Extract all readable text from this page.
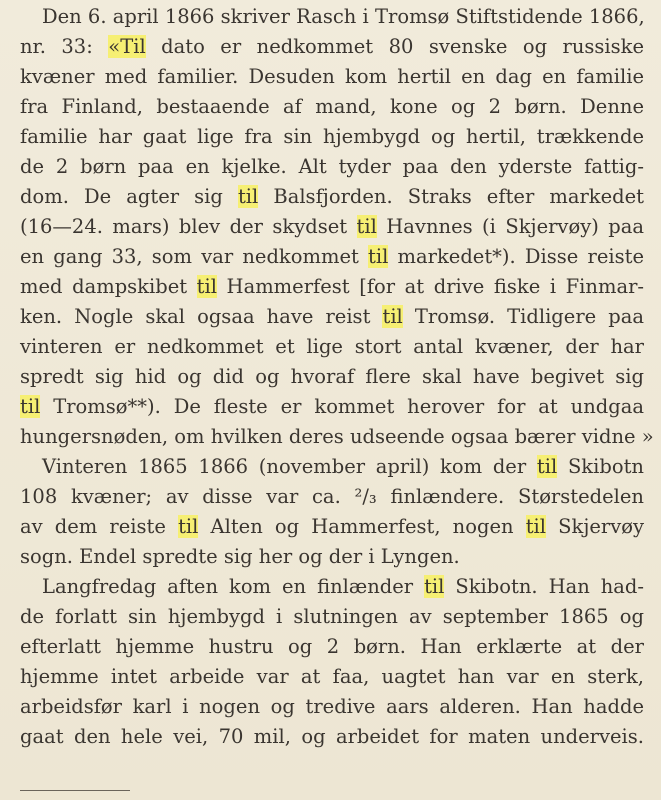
Den 6. april 1866 skriver Rasch i Tromsø Stiftstidende 1866,
nr. 33: «Til dato er nedkommet 80 svenske og russiske
kvæner med familier. Desuden kom hertil en dag en familie
fra Finland, bestaaende af mand, kone og 2 børn. Denne
familie har gaat lige fra sin hjembygd og hertil, trækkende
de 2 børn paa en kjelke. Alt tyder paa den yderste fattig-
dom. De agter sig til Balsfjorden. Straks efter markedet
(16—24. mars) blev der skydset til Havnnes (i Skjervøy) paa
en gang 33, som var nedkommet til markedet*). Disse reiste
med dampskibet til Hammerfest [for at drive fiske i Finmar-
ken. Nogle skal ogsaa have reist til Tromsø. Tidligere paa
vinteren er nedkommet et lige stort antal kvæner, der har
spredt sig hid og did og hvoraf flere skal have begivet sig
til Tromsø**). De fleste er kommet herover for at undgaa
hungersnøden, om hvilken deres udseende ogsaa bærer vidne »
Vinteren 1865 1866 (november april) kom der til Skibotn
108 kvæner; av disse var ca. ²/₃ finlændere. Størstedelen
av dem reiste til Alten og Hammerfest, nogen til Skjervøy
sogn. Endel spredte sig her og der i Lyngen.
Langfredag aften kom en finlænder til Skibotn. Han had-
de forlatt sin hjembygd i slutningen av september 1865 og
efterlatt hjemme hustru og 2 børn. Han erklærte at der
hjemme intet arbeide var at faa, uagtet han var en sterk,
arbeidsfør karl i nogen og tredive aars alderen. Han hadde
gaat den hele vei, 70 mil, og arbeidet for maten underveis.
